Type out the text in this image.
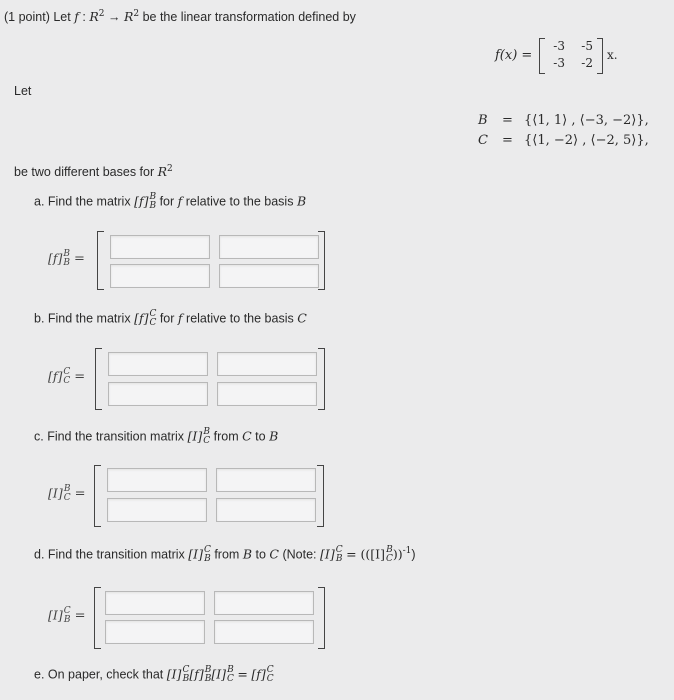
(1 point) Let f : $R^2 \to R^2$ be the linear transformation defined by
f(x) =
-3	-5
-3	-2
x.
Let
B = {⟨1, 1⟩ , ⟨−3, −2⟩},
C = {⟨1, −2⟩ , ⟨−2, 5⟩},
be two different bases for $R^2$
a. Find the matrix [f] B
B for f relative to the basis B
[f] B
B =
b. Find the matrix [f] C
C for f relative to the basis C
[f] C
C =
c. Find the transition matrix [I] B
C from C to B
[I] B
C =
d. Find the transition matrix [I] C
B from B to C (Note: [I] C
B = (([I] B
C ))$^{-1}$)
[I] C
B =
e. On paper, check that [I] C
B [f] B
B [I] B
C = [f] C
C
